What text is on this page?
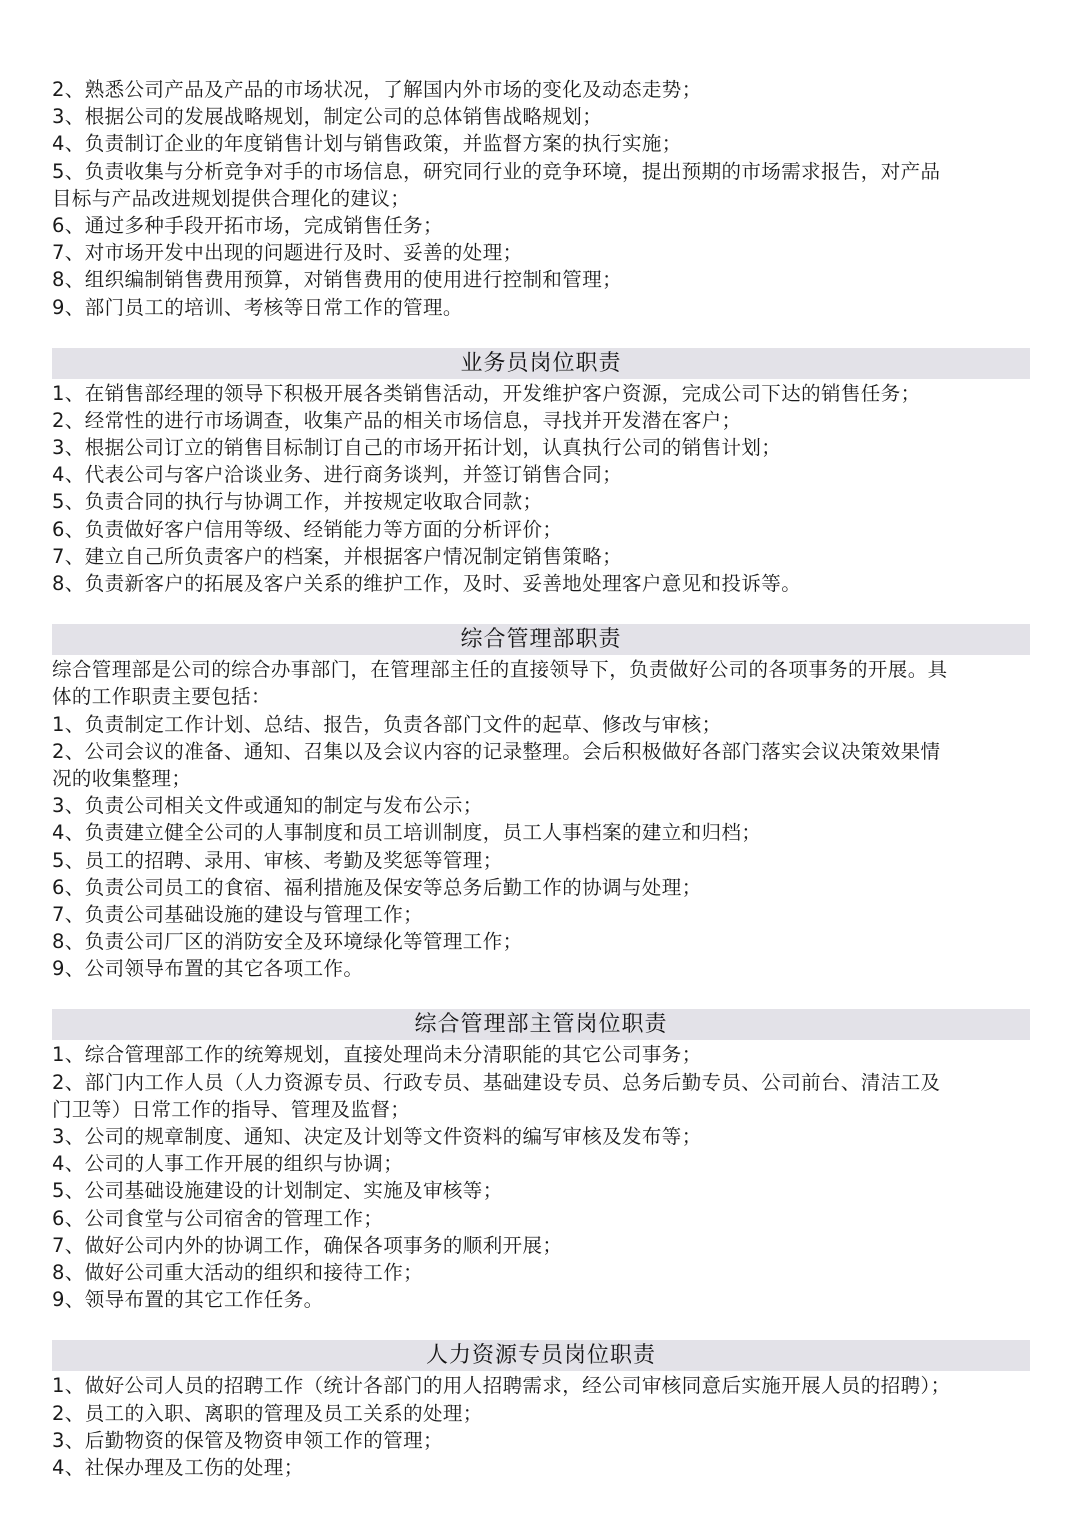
2、熟悉公司产品及产品的市场状况，了解国内外市场的变化及动态走势；
3、根据公司的发展战略规划，制定公司的总体销售战略规划；
4、负责制订企业的年度销售计划与销售政策，并监督方案的执行实施；
5、负责收集与分析竞争对手的市场信息，研究同行业的竞争环境，提出预期的市场需求报告，对产品
目标与产品改进规划提供合理化的建议；
6、通过多种手段开拓市场，完成销售任务；
7、对市场开发中出现的问题进行及时、妥善的处理；
8、组织编制销售费用预算，对销售费用的使用进行控制和管理；
9、部门员工的培训、考核等日常工作的管理。
业务员岗位职责
1、在销售部经理的领导下积极开展各类销售活动，开发维护客户资源，完成公司下达的销售任务；
2、经常性的进行市场调查，收集产品的相关市场信息，寻找并开发潜在客户；
3、根据公司订立的销售目标制订自己的市场开拓计划，认真执行公司的销售计划；
4、代表公司与客户洽谈业务、进行商务谈判，并签订销售合同；
5、负责合同的执行与协调工作，并按规定收取合同款；
6、负责做好客户信用等级、经销能力等方面的分析评价；
7、建立自己所负责客户的档案，并根据客户情况制定销售策略；
8、负责新客户的拓展及客户关系的维护工作，及时、妥善地处理客户意见和投诉等。
综合管理部职责
综合管理部是公司的综合办事部门，在管理部主任的直接领导下，负责做好公司的各项事务的开展。具
体的工作职责主要包括：
1、负责制定工作计划、总结、报告，负责各部门文件的起草、修改与审核；
2、公司会议的准备、通知、召集以及会议内容的记录整理。会后积极做好各部门落实会议决策效果情
况的收集整理；
3、负责公司相关文件或通知的制定与发布公示；
4、负责建立健全公司的人事制度和员工培训制度，员工人事档案的建立和归档；
5、员工的招聘、录用、审核、考勤及奖惩等管理；
6、负责公司员工的食宿、福利措施及保安等总务后勤工作的协调与处理；
7、负责公司基础设施的建设与管理工作；
8、负责公司厂区的消防安全及环境绿化等管理工作；
9、公司领导布置的其它各项工作。
综合管理部主管岗位职责
1、综合管理部工作的统筹规划，直接处理尚未分清职能的其它公司事务；
2、部门内工作人员（人力资源专员、行政专员、基础建设专员、总务后勤专员、公司前台、清洁工及
门卫等）日常工作的指导、管理及监督；
3、公司的规章制度、通知、决定及计划等文件资料的编写审核及发布等；
4、公司的人事工作开展的组织与协调；
5、公司基础设施建设的计划制定、实施及审核等；
6、公司食堂与公司宿舍的管理工作；
7、做好公司内外的协调工作，确保各项事务的顺利开展；
8、做好公司重大活动的组织和接待工作；
9、领导布置的其它工作任务。
人力资源专员岗位职责
1、做好公司人员的招聘工作（统计各部门的用人招聘需求，经公司审核同意后实施开展人员的招聘）；
2、员工的入职、离职的管理及员工关系的处理；
3、后勤物资的保管及物资申领工作的管理；
4、社保办理及工伤的处理；
